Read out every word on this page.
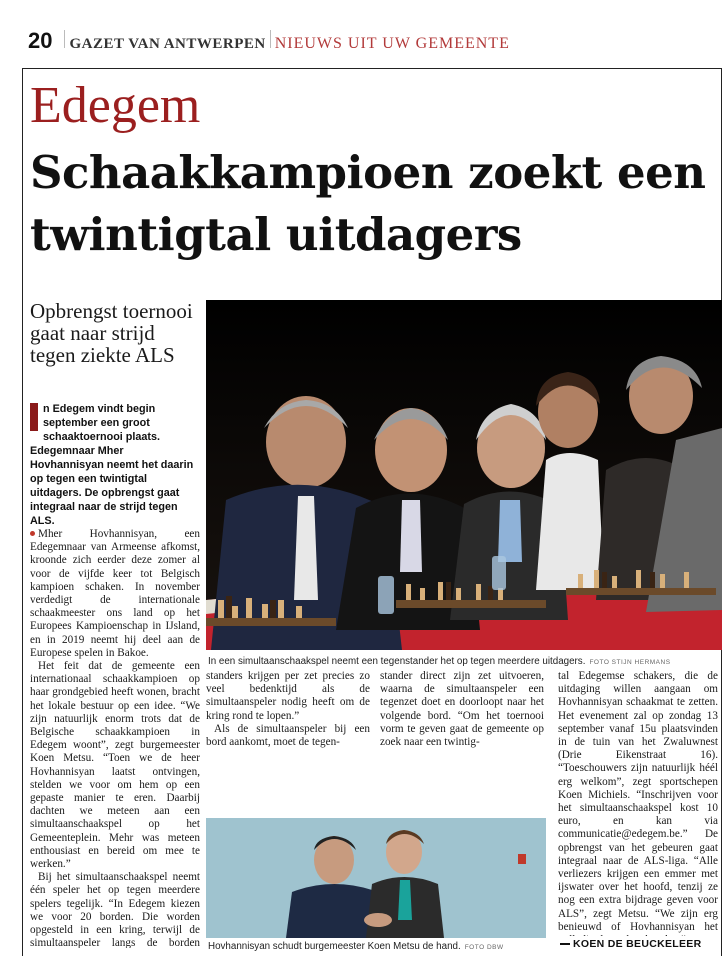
20 GAZET VAN ANTWERPEN NIEUWS UIT UW GEMEENTE
Edegem
Schaakkampioen zoekt een twintigtal uitdagers
Opbrengst toernooi gaat naar strijd tegen ziekte ALS
n Edegem vindt begin september een groot schaaktoernooi plaats. Edegemnaar Mher Hovhannisyan neemt het daarin op tegen een twintigtal uitdagers. De opbrengst gaat integraal naar de strijd tegen ALS.

Mher Hovhannisyan, een Edegemnaar van Armeense afkomst, kroonde zich eerder deze zomer al voor de vijfde keer tot Belgisch kampioen schaken. In november verdedigt de internationale schaakmeester ons land op het Europees Kampioenschap in IJsland, en in 2019 neemt hij deel aan de Europese spelen in Bakoe.

Het feit dat de gemeente een internationaal schaakkampioen op haar grondgebied heeft wonen, bracht het lokale bestuur op een idee. “We zijn natuurlijk enorm trots dat de Belgische schaakkampioen in Edegem woont”, zegt burgemeester Koen Metsu. “Toen we de heer Hovhannisyan laatst ontvingen, stelden we voor om hem op een gepaste manier te eren. Daarbij dachten we meteen aan een simultaanschaakspel op het Gemeenteplein. Mehr was meteen enthousiast en bereid om mee te werken.”

Bij het simultaanschaakspel neemt één speler het op tegen meerdere spelers tegelijk. “In Edegem kiezen we voor 20 borden. Die worden opgesteld in een kring, terwijl de simultaanspeler langs de borden

In een simultaanschaakspel neemt een tegenstander het op tegen meerdere uitdagers. FOTO STIJN HERMANS

standers krijgen per zet precies zo veel bedenktijd als de simultaanspeler nodig heeft om de kring rond te lopen.”

Als de simultaanspeler bij een bord aankomt, moet de tegen-

stander direct zijn zet uitvoeren, waarna de simultaanspeler een tegenzet doet en doorloopt naar het volgende bord. “Om het toernooi vorm te geven gaat de gemeente op zoek naar een twintig-

Hovhannisyan schudt burgemeester Koen Metsu de hand. FOTO DBW

tal Edegemse schakers, die de uitdaging willen aangaan om Hovhannisyan schaakmat te zetten. Het evenement zal op zondag 13 september vanaf 15u plaatsvinden in de tuin van het Zwaluwnest (Drie Eikenstraat 16). “Toeschouwers zijn natuurlijk héél erg welkom”, zegt sportschepen Koen Michiels. “Inschrijven voor het simultaanschaakspel kost 10 euro, en kan via communicatie@edegem.be.” De opbrengst van het gebeuren gaat integraal naar de ALS-liga. “Alle verliezers krijgen een emmer met ijswater over het hoofd, tenzij ze nog een extra bijdrage geven voor ALS”, zegt Metsu. “We zijn erg benieuwd of Hovhannisyan het

KOEN DE BEUCKELEER
